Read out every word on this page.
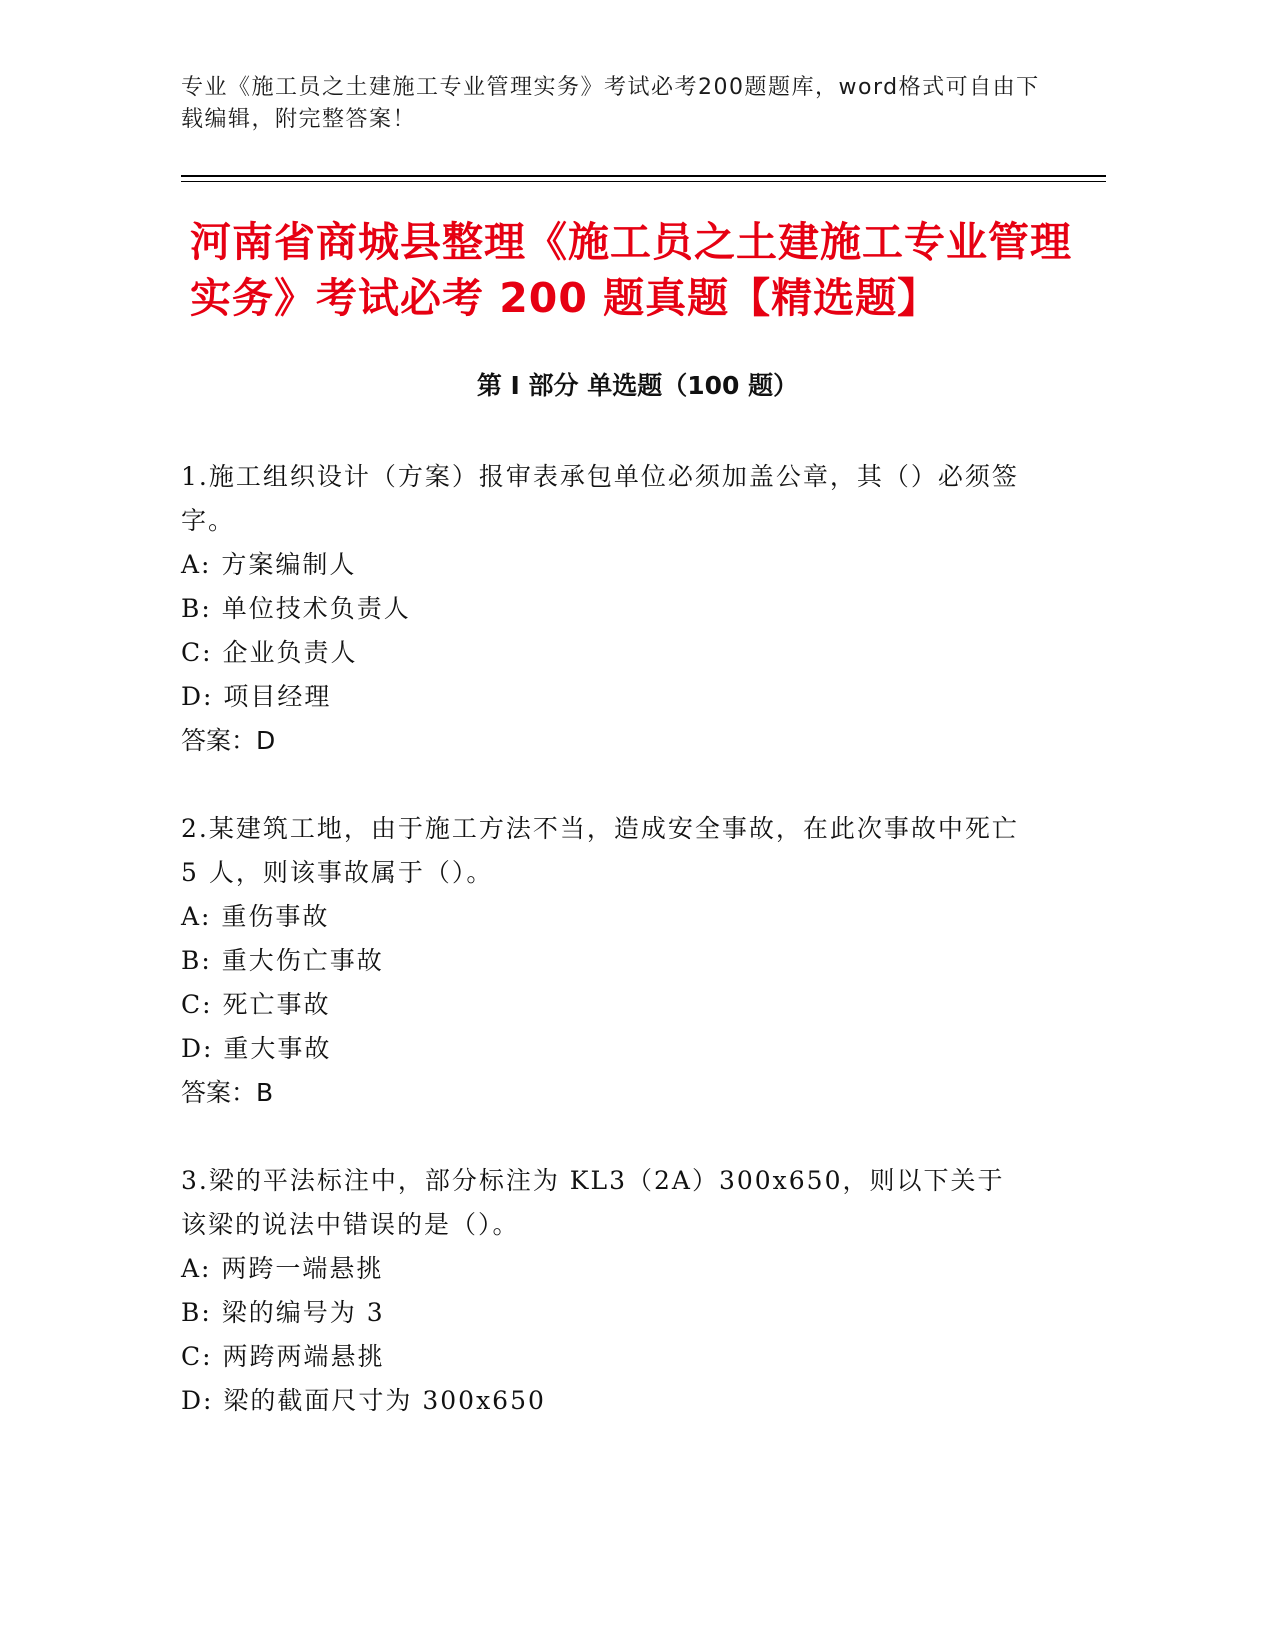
专业《施工员之土建施工专业管理实务》考试必考200题题库，word格式可自由下载编辑，附完整答案！
河南省商城县整理《施工员之土建施工专业管理实务》考试必考 200 题真题【精选题】
第 I 部分 单选题（100 题）

1.施工组织设计（方案）报审表承包单位必须加盖公章，其（）必须签字。

A: 方案编制人

B: 单位技术负责人

C: 企业负责人

D: 项目经理

答案：D

2.某建筑工地，由于施工方法不当，造成安全事故，在此次事故中死亡 5 人，则该事故属于（）。

A: 重伤事故

B: 重大伤亡事故

C: 死亡事故

D: 重大事故

答案：B

3.梁的平法标注中，部分标注为 KL3（2A）300x650，则以下关于该梁的说法中错误的是（）。

A: 两跨一端悬挑

B: 梁的编号为 3

C: 两跨两端悬挑

D: 梁的截面尺寸为 300x650
